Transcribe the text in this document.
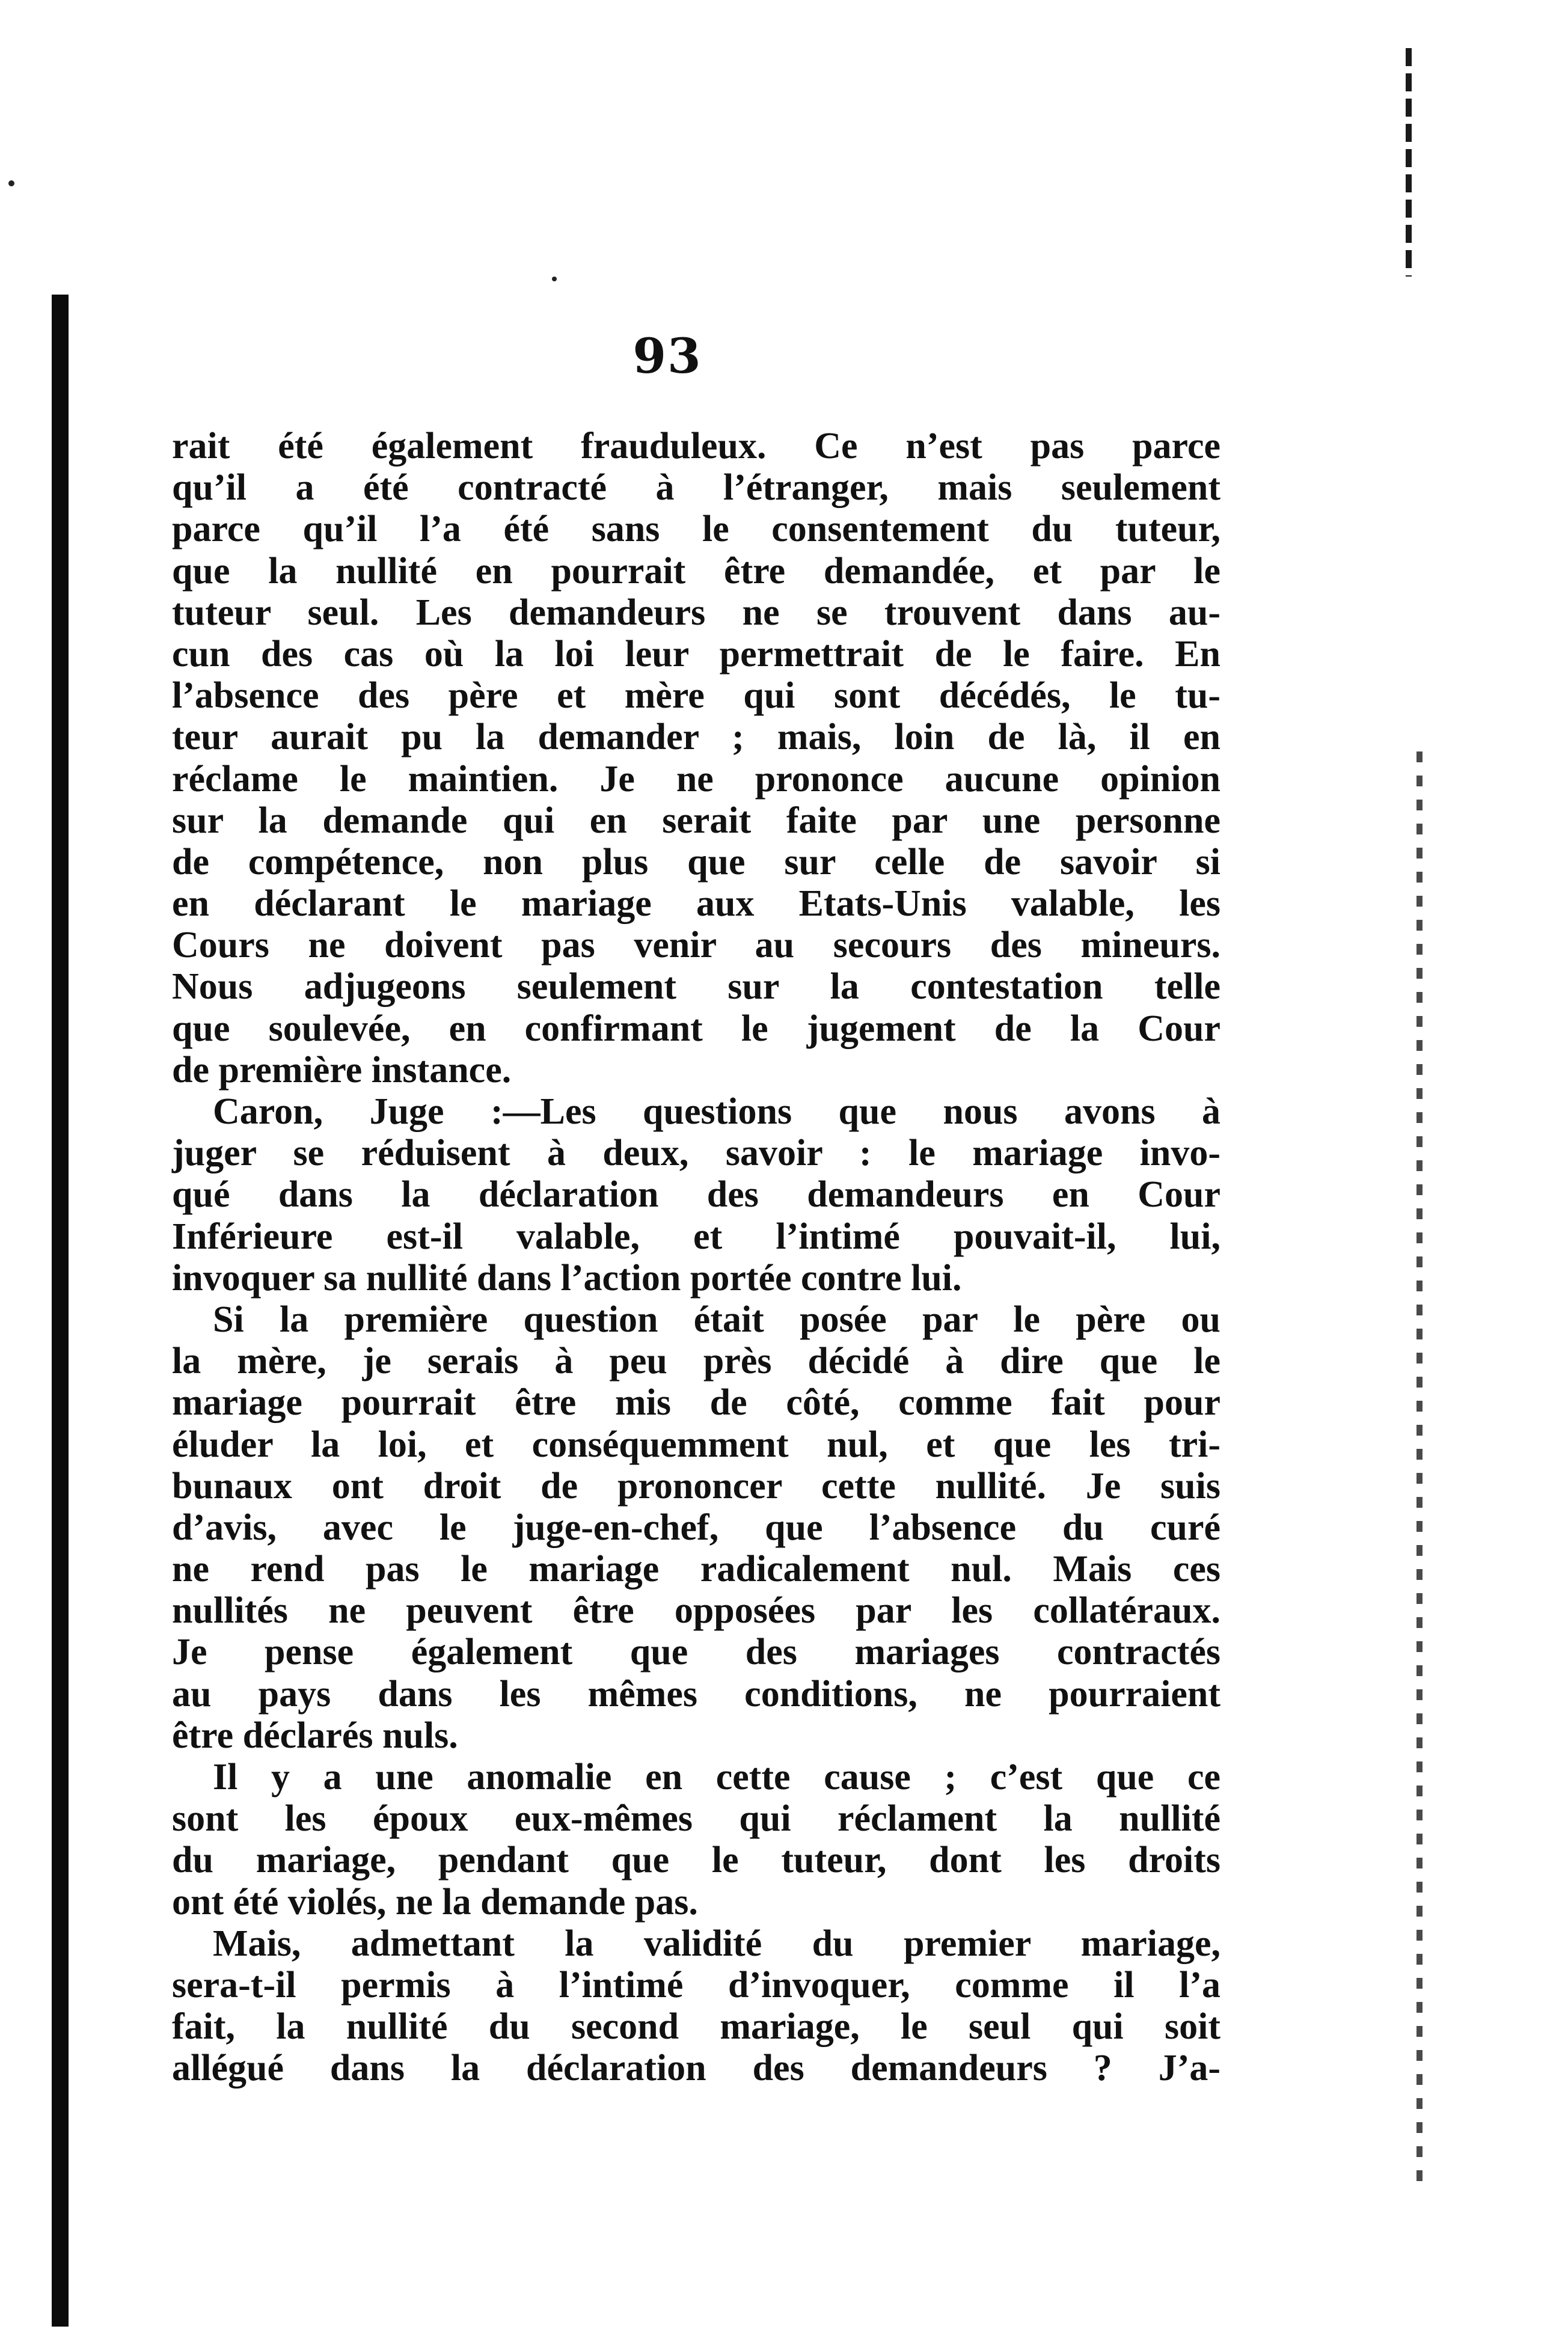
93
rait été également frauduleux. Ce n’est pas parce
qu’il a été contracté à l’étranger, mais seulement
parce qu’il l’a été sans le consentement du tuteur,
que la nullité en pourrait être demandée, et par le
tuteur seul. Les demandeurs ne se trouvent dans au-
cun des cas où la loi leur permettrait de le faire. En
l’absence des père et mère qui sont décédés, le tu-
teur aurait pu la demander ; mais, loin de là, il en
réclame le maintien. Je ne prononce aucune opinion
sur la demande qui en serait faite par une personne
de compétence, non plus que sur celle de savoir si
en déclarant le mariage aux Etats-Unis valable, les
Cours ne doivent pas venir au secours des mineurs.
Nous adjugeons seulement sur la contestation telle
que soulevée, en confirmant le jugement de la Cour
de première instance.
Caron, Juge :—Les questions que nous avons à
juger se réduisent à deux, savoir : le mariage invo-
qué dans la déclaration des demandeurs en Cour
Inférieure est-il valable, et l’intimé pouvait-il, lui,
invoquer sa nullité dans l’action portée contre lui.
Si la première question était posée par le père ou
la mère, je serais à peu près décidé à dire que le
mariage pourrait être mis de côté, comme fait pour
éluder la loi, et conséquemment nul, et que les tri-
bunaux ont droit de prononcer cette nullité. Je suis
d’avis, avec le juge-en-chef, que l’absence du curé
ne rend pas le mariage radicalement nul. Mais ces
nullités ne peuvent être opposées par les collatéraux.
Je pense également que des mariages contractés
au pays dans les mêmes conditions, ne pourraient
être déclarés nuls.
Il y a une anomalie en cette cause ; c’est que ce
sont les époux eux-mêmes qui réclament la nullité
du mariage, pendant que le tuteur, dont les droits
ont été violés, ne la demande pas.
Mais, admettant la validité du premier mariage,
sera-t-il permis à l’intimé d’invoquer, comme il l’a
fait, la nullité du second mariage, le seul qui soit
allégué dans la déclaration des demandeurs ? J’a-
